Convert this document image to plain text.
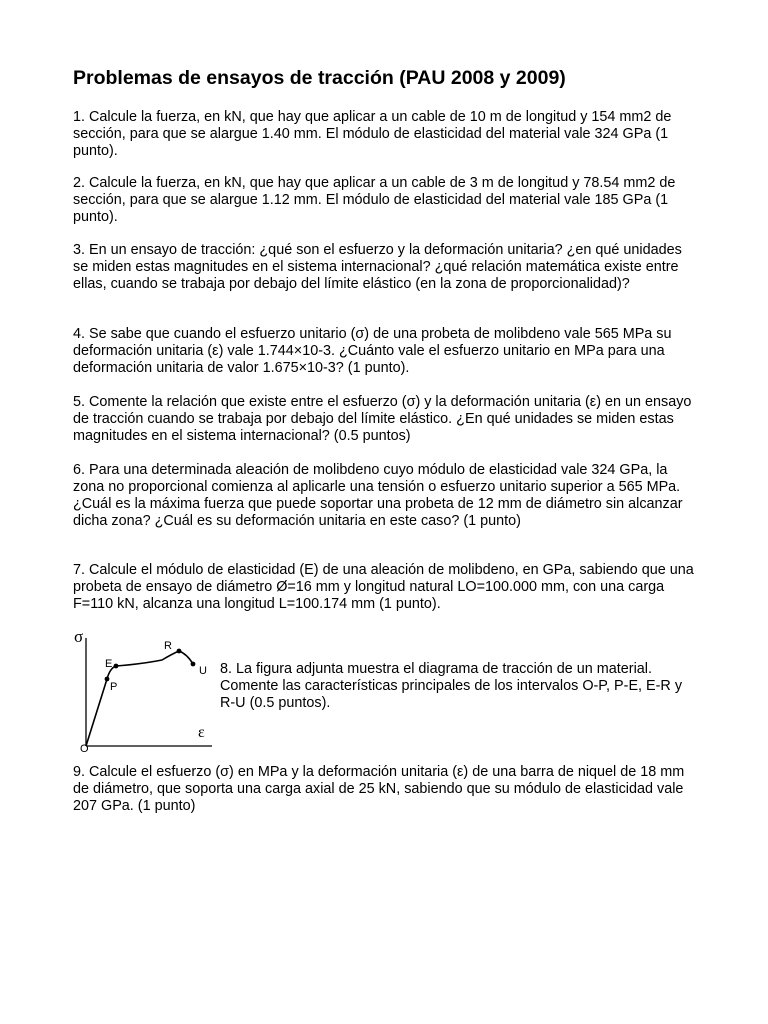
Problemas de ensayos de tracción (PAU 2008 y 2009)

1. Calcule la fuerza, en kN, que hay que aplicar a un cable de 10 m de longitud y 154 mm2 de sección, para que se alargue 1.40 mm. El módulo de elasticidad del material vale 324 GPa (1 punto).

2. Calcule la fuerza, en kN, que hay que aplicar a un cable de 3 m de longitud y 78.54 mm2 de sección, para que se alargue 1.12 mm. El módulo de elasticidad del material vale 185 GPa (1 punto).

3. En un ensayo de tracción: ¿qué son el esfuerzo y la deformación unitaria? ¿en qué unidades se miden estas magnitudes en el sistema internacional? ¿qué relación matemática existe entre ellas, cuando se trabaja por debajo del límite elástico (en la zona de proporcionalidad)?

4. Se sabe que cuando el esfuerzo unitario (σ) de una probeta de molibdeno vale 565 MPa su deformación unitaria (ε) vale 1.744×10-3. ¿Cuánto vale el esfuerzo unitario en MPa para una deformación unitaria de valor 1.675×10-3? (1 punto).

5. Comente la relación que existe entre el esfuerzo (σ) y la deformación unitaria (ε) en un ensayo de tracción cuando se trabaja por debajo del límite elástico. ¿En qué unidades se miden estas magnitudes en el sistema internacional? (0.5 puntos)

6. Para una determinada aleación de molibdeno cuyo módulo de elasticidad vale 324 GPa, la zona no proporcional comienza al aplicarle una tensión o esfuerzo unitario superior a 565 MPa. ¿Cuál es la máxima fuerza que puede soportar una probeta de 12 mm de diámetro sin alcanzar dicha zona? ¿Cuál es su deformación unitaria en este caso? (1 punto)

7. Calcule el módulo de elasticidad (E) de una aleación de molibdeno, en GPa, sabiendo que una probeta de ensayo de diámetro Ø=16 mm y longitud natural LO=100.000 mm, con una carga F=110 kN, alcanza una longitud L=100.174 mm (1 punto).

σ
ε
O
P
E
R
U 8. La figura adjunta muestra el diagrama de tracción de un material. Comente las características principales de los intervalos O-P, P-E, E-R y R-U (0.5 puntos).

9. Calcule el esfuerzo (σ) en MPa y la deformación unitaria (ε) de una barra de niquel de 18 mm de diámetro, que soporta una carga axial de 25 kN, sabiendo que su módulo de elasticidad vale 207 GPa. (1 punto)
